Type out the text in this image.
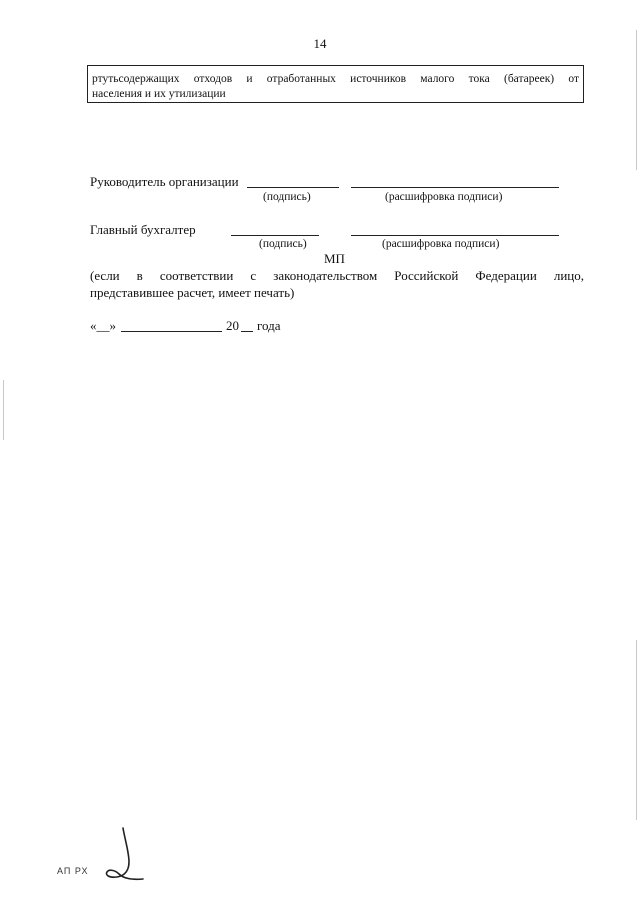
14
ртутьсодержащих отходов и отработанных источников малого тока (батареек) от
населения и их утилизации
Руководитель организации
(подпись)	(расшифровка подписи)
Главный бухгалтер
(подпись)	(расшифровка подписи)
МП
(если в соответствии с законодательством Российской Федерации лицо,
представившее расчет, имеет печать)
«__»	20 года
АП РХ
